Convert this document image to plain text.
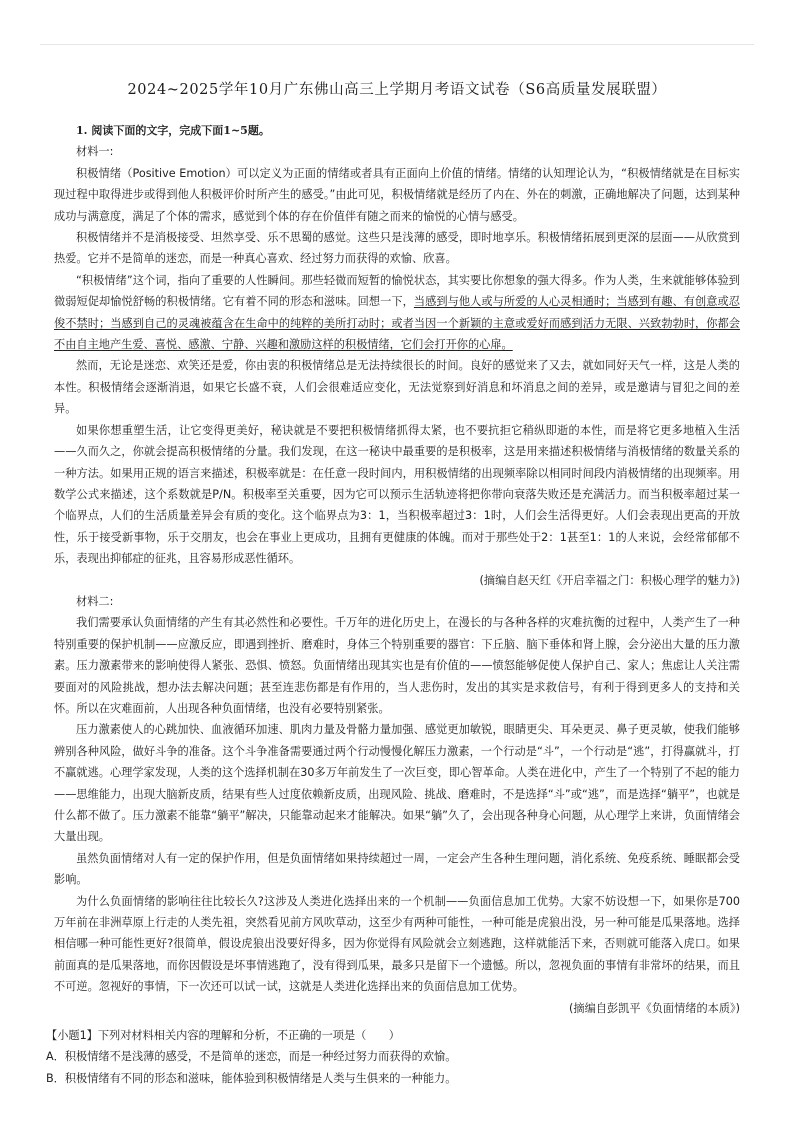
2024~2025学年10月广东佛山高三上学期月考语文试卷（S6高质量发展联盟）
1. 阅读下面的文字，完成下面1~5题。
材料一:

积极情绪（Positive Emotion）可以定义为正面的情绪或者具有正面向上价值的情绪。情绪的认知理论认为，“积极情绪就是在目标实现过程中取得进步或得到他人积极评价时所产生的感受。”由此可见，积极情绪就是经历了内在、外在的刺激，正确地解决了问题，达到某种成功与满意度，满足了个体的需求，感觉到个体的存在价值伴有随之而来的愉悦的心情与感受。

积极情绪并不是消极接受、坦然享受、乐不思蜀的感觉。这些只是浅薄的感受，即时地享乐。积极情绪拓展到更深的层面——从欣赏到热爱。它并不是简单的迷恋，而是一种真心喜欢、经过努力而获得的欢愉、欣喜。

“积极情绪”这个词，指向了重要的人性瞬间。那些轻微而短暂的愉悦状态，其实要比你想象的强大得多。作为人类，生来就能够体验到微弱短促却愉悦舒畅的积极情绪。它有着不同的形态和滋味。回想一下，当感到与他人或与所爱的人心灵相通时；当感到有趣、有创意或忍俊不禁时；当感到自己的灵魂被蕴含在生命中的纯粹的美所打动时；或者当因一个新颖的主意或爱好而感到活力无限、兴致勃勃时，你都会不由自主地产生爱、喜悦、感激、宁静、兴趣和激励这样的积极情绪，它们会打开你的心扉。

然而，无论是迷恋、欢笑还是爱，你由衷的积极情绪总是无法持续很长的时间。良好的感觉来了又去，就如同好天气一样，这是人类的本性。积极情绪会逐渐消退，如果它长盛不衰，人们会很难适应变化，无法觉察到好消息和坏消息之间的差异，或是邀请与冒犯之间的差异。

如果你想重塑生活，让它变得更美好，秘诀就是不要把积极情绪抓得太紧，也不要抗拒它稍纵即逝的本性，而是将它更多地植入生活——久而久之，你就会提高积极情绪的分量。我们发现，在这一秘诀中最重要的是积极率，这是用来描述积极情绪与消极情绪的数量关系的一种方法。如果用正规的语言来描述，积极率就是：在任意一段时间内，用积极情绪的出现频率除以相同时间段内消极情绪的出现频率。用数学公式来描述，这个系数就是P/N。积极率至关重要，因为它可以预示生活轨迹将把你带向衰落失败还是充满活力。而当积极率超过某一个临界点，人们的生活质量差异会有质的变化。这个临界点为3：1，当积极率超过3：1时，人们会生活得更好。人们会表现出更高的开放性，乐于接受新事物，乐于交朋友，也会在事业上更成功，且拥有更健康的体魄。而对于那些处于2：1甚至1：1的人来说，会经常郁郁不乐，表现出抑郁症的征兆，且容易形成恶性循环。

(摘编自赵天红《开启幸福之门：积极心理学的魅力》)

材料二:

我们需要承认负面情绪的产生有其必然性和必要性。千万年的进化历史上，在漫长的与各种各样的灾难抗衡的过程中，人类产生了一种特别重要的保护机制——应激反应，即遇到挫折、磨难时，身体三个特别重要的器官：下丘脑、脑下垂体和肾上腺，会分泌出大量的压力激素。压力激素带来的影响使得人紧张、恐惧、愤怒。负面情绪出现其实也是有价值的——愤怒能够促使人保护自己、家人；焦虑让人关注需要面对的风险挑战，想办法去解决问题；甚至连悲伤都是有作用的，当人悲伤时，发出的其实是求救信号，有利于得到更多人的支持和关怀。所以在灾难面前，人出现各种负面情绪，也没有必要特别紧张。

压力激素使人的心跳加快、血液循环加速、肌肉力量及骨骼力量加强、感觉更加敏锐，眼睛更尖、耳朵更灵、鼻子更灵敏，使我们能够辨别各种风险，做好斗争的准备。这个斗争准备需要通过两个行动慢慢化解压力激素，一个行动是“斗”，一个行动是“逃”，打得赢就斗，打不赢就逃。心理学家发现，人类的这个选择机制在30多万年前发生了一次巨变，即心智革命。人类在进化中，产生了一个特别了不起的能力——思维能力，出现大脑新皮质，结果有些人过度依赖新皮质，出现风险、挑战、磨难时，不是选择“斗”或“逃”，而是选择“躺平”，也就是什么都不做了。压力激素不能靠“躺平”解决，只能靠动起来才能解决。如果“躺”久了，会出现各种身心问题，从心理学上来讲，负面情绪会大量出现。

虽然负面情绪对人有一定的保护作用，但是负面情绪如果持续超过一周，一定会产生各种生理问题，消化系统、免疫系统、睡眠都会受影响。

为什么负面情绪的影响往往比较长久?这涉及人类进化选择出来的一个机制——负面信息加工优势。大家不妨设想一下，如果你是700万年前在非洲草原上行走的人类先祖，突然看见前方风吹草动，这至少有两种可能性，一种可能是虎狼出没，另一种可能是瓜果落地。选择相信哪一种可能性更好?很简单，假设虎狼出没要好得多，因为你觉得有风险就会立刻逃跑，这样就能活下来，否则就可能落入虎口。如果前面真的是瓜果落地，而你因假设是坏事情逃跑了，没有得到瓜果，最多只是留下一个遗憾。所以，忽视负面的事情有非常坏的结果，而且不可逆。忽视好的事情，下一次还可以试一试，这就是人类进化选择出来的负面信息加工优势。

(摘编自彭凯平《负面情绪的本质》)

【小题1】下列对材料相关内容的理解和分析，不正确的一项是（　　）
A．积极情绪不是浅薄的感受，不是简单的迷恋，而是一种经过努力而获得的欢愉。
B．积极情绪有不同的形态和滋味，能体验到积极情绪是人类与生俱来的一种能力。
